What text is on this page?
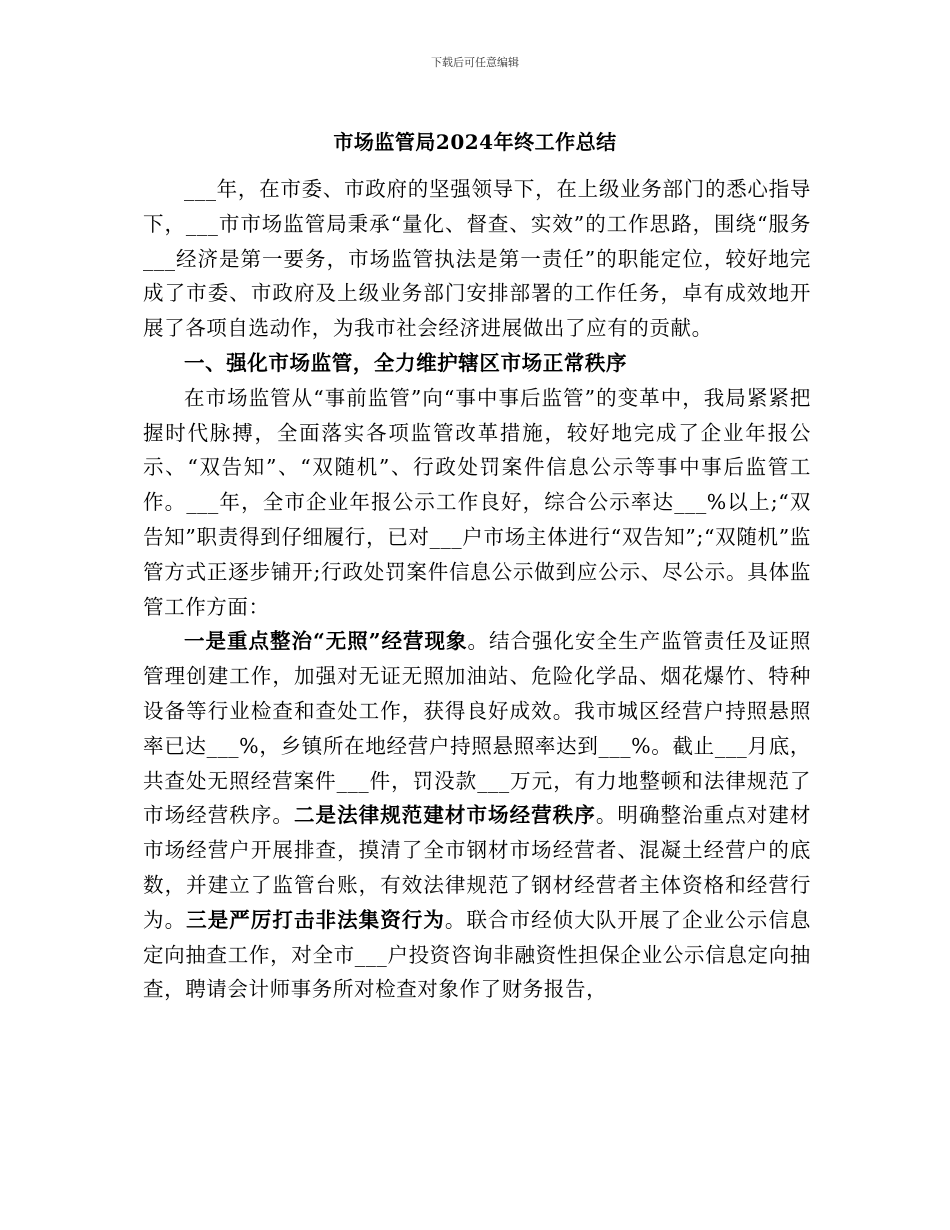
下载后可任意编辑
市场监管局2024年终工作总结

___年，在市委、市政府的坚强领导下，在上级业务部门的悉心指导下，___市市场监管局秉承“量化、督查、实效”的工作思路，围绕“服务___经济是第一要务，市场监管执法是第一责任”的职能定位，较好地完成了市委、市政府及上级业务部门安排部署的工作任务，卓有成效地开展了各项自选动作，为我市社会经济进展做出了应有的贡献。

一、强化市场监管，全力维护辖区市场正常秩序

在市场监管从“事前监管”向“事中事后监管”的变革中，我局紧紧把握时代脉搏，全面落实各项监管改革措施，较好地完成了企业年报公示、“双告知”、“双随机”、行政处罚案件信息公示等事中事后监管工作。___年，全市企业年报公示工作良好，综合公示率达___%以上;“双告知”职责得到仔细履行，已对___户市场主体进行“双告知”;“双随机”监管方式正逐步铺开;行政处罚案件信息公示做到应公示、尽公示。具体监管工作方面：

一是重点整治“无照”经营现象。结合强化安全生产监管责任及证照管理创建工作，加强对无证无照加油站、危险化学品、烟花爆竹、特种设备等行业检查和查处工作，获得良好成效。我市城区经营户持照悬照率已达___%，乡镇所在地经营户持照悬照率达到___%。截止___月底，共查处无照经营案件___件，罚没款___万元，有力地整顿和法律规范了市场经营秩序。二是法律规范建材市场经营秩序。明确整治重点对建材市场经营户开展排查，摸清了全市钢材市场经营者、混凝土经营户的底数，并建立了监管台账，有效法律规范了钢材经营者主体资格和经营行为。三是严厉打击非法集资行为。联合市经侦大队开展了企业公示信息定向抽查工作，对全市___户投资咨询非融资性担保企业公示信息定向抽查，聘请会计师事务所对检查对象作了财务报告，
